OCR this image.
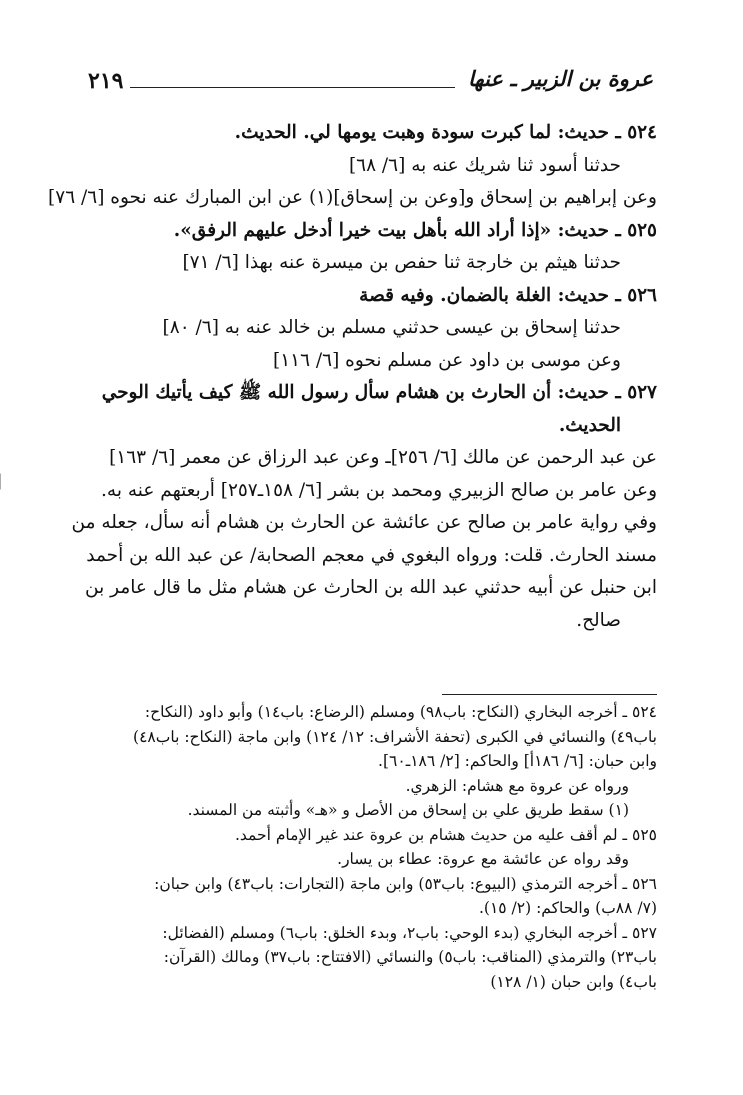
٢١٩	عروة بن الزبير ـ عنها
٥٢٤ ـ حديث: لما كبرت سودة وهبت يومها لي. الحديث.
حدثنا أسود ثنا شريك عنه به [٦/ ٦٨]
وعن إبراهيم بن إسحاق و[وعن بن إسحاق](١) عن ابن المبارك عنه نحوه [٦/ ٧٦]
٥٢٥ ـ حديث: «إذا أراد الله بأهل بيت خيرا أدخل عليهم الرفق».
حدثنا هيثم بن خارجة ثنا حفص بن ميسرة عنه بهذا [٦/ ٧١]
٥٢٦ ـ حديث: الغلة بالضمان. وفيه قصة
حدثنا إسحاق بن عيسى حدثني مسلم بن خالد عنه به [٦/ ٨٠]
وعن موسى بن داود عن مسلم نحوه [٦/ ١١٦]
٥٢٧ ـ حديث: أن الحارث بن هشام سأل رسول الله ﷺ كيف يأتيك الوحي
الحديث.
عن عبد الرحمن عن مالك [٦/ ٢٥٦]ـ وعن عبد الرزاق عن معمر [٦/ ١٦٣]
وعن عامر بن صالح الزبيري ومحمد بن بشر [٦/ ١٥٨ـ٢٥٧] أربعتهم عنه به.
وفي رواية عامر بن صالح عن عائشة عن الحارث بن هشام أنه سأل، جعله من
مسند الحارث. قلت: ورواه البغوي في معجم الصحابة/ عن عبد الله بن أحمد
ابن حنبل عن أبيه حدثني عبد الله بن الحارث عن هشام مثل ما قال عامر بن
صالح.
٥٢٤ ـ أخرجه البخاري (النكاح: باب٩٨) ومسلم (الرضاع: باب١٤) وأبو داود (النكاح:
باب٤٩) والنسائي في الكبرى (تحفة الأشراف: ١٢/ ١٢٤) وابن ماجة (النكاح: باب٤٨)
وابن حبان: [٦/ ١٨٦أ] والحاكم: [٢/ ١٨٦ـ٦٠].
ورواه عن عروة مع هشام: الزهري.
(١) سقط طريق علي بن إسحاق من الأصل و «هـ» وأثبته من المسند.
٥٢٥ ـ لم أقف عليه من حديث هشام بن عروة عند غير الإمام أحمد.
وقد رواه عن عائشة مع عروة: عطاء بن يسار.
٥٢٦ ـ أخرجه الترمذي (البيوع: باب٥٣) وابن ماجة (التجارات: باب٤٣) وابن حبان:
(٧/ ٨٨ب) والحاكم: (٢/ ١٥).
٥٢٧ ـ أخرجه البخاري (بدء الوحي: باب٢، وبدء الخلق: باب٦) ومسلم (الفضائل:
باب٢٣) والترمذي (المناقب: باب٥) والنسائي (الافتتاح: باب٣٧) ومالك (القرآن:
باب٤) وابن حبان (١/ ١٢٨)
